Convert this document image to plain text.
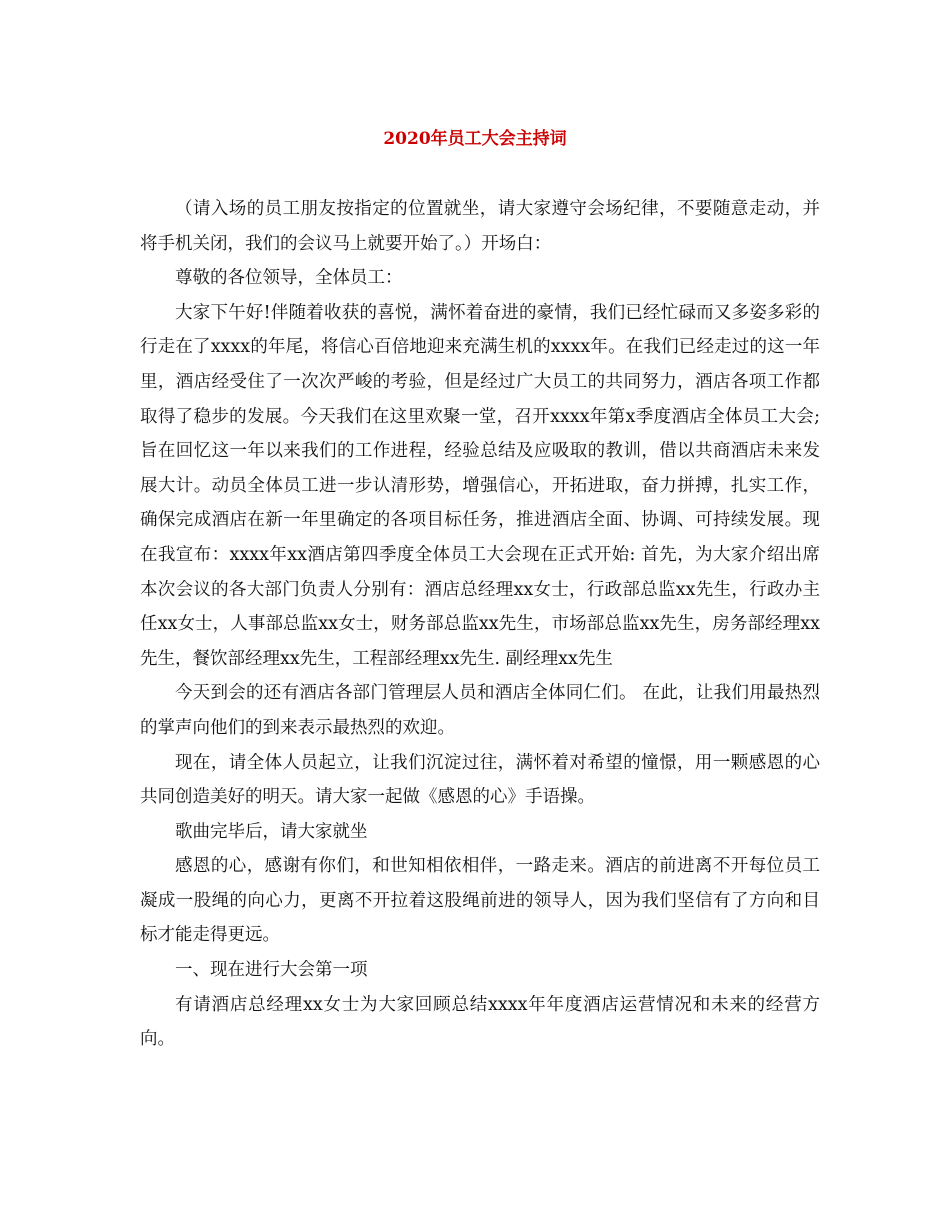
2020年员工大会主持词

（请入场的员工朋友按指定的位置就坐，请大家遵守会场纪律，不要随意走动，并将手机关闭，我们的会议马上就要开始了。）开场白：

尊敬的各位领导，全体员工：

大家下午好!伴随着收获的喜悦，满怀着奋进的豪情，我们已经忙碌而又多姿多彩的行走在了xxxx的年尾，将信心百倍地迎来充满生机的xxxx年。在我们已经走过的这一年里，酒店经受住了一次次严峻的考验，但是经过广大员工的共同努力，酒店各项工作都取得了稳步的发展。今天我们在这里欢聚一堂，召开xxxx年第x季度酒店全体员工大会;旨在回忆这一年以来我们的工作进程，经验总结及应吸取的教训，借以共商酒店未来发展大计。动员全体员工进一步认清形势，增强信心，开拓进取，奋力拼搏，扎实工作，确保完成酒店在新一年里确定的各项目标任务，推进酒店全面、协调、可持续发展。现在我宣布：xxxx年xx酒店第四季度全体员工大会现在正式开始: 首先，为大家介绍出席本次会议的各大部门负责人分别有：酒店总经理xx女士，行政部总监xx先生，行政办主任xx女士，人事部总监xx女士，财务部总监xx先生，市场部总监xx先生，房务部经理xx先生，餐饮部经理xx先生，工程部经理xx先生. 副经理xx先生

今天到会的还有酒店各部门管理层人员和酒店全体同仁们。 在此，让我们用最热烈的掌声向他们的到来表示最热烈的欢迎。

现在，请全体人员起立，让我们沉淀过往，满怀着对希望的憧憬，用一颗感恩的心共同创造美好的明天。请大家一起做《感恩的心》手语操。

歌曲完毕后，请大家就坐

感恩的心，感谢有你们，和世知相依相伴，一路走来。酒店的前进离不开每位员工凝成一股绳的向心力，更离不开拉着这股绳前进的领导人，因为我们坚信有了方向和目标才能走得更远。

一、现在进行大会第一项

有请酒店总经理xx女士为大家回顾总结xxxx年年度酒店运营情况和未来的经营方向。
